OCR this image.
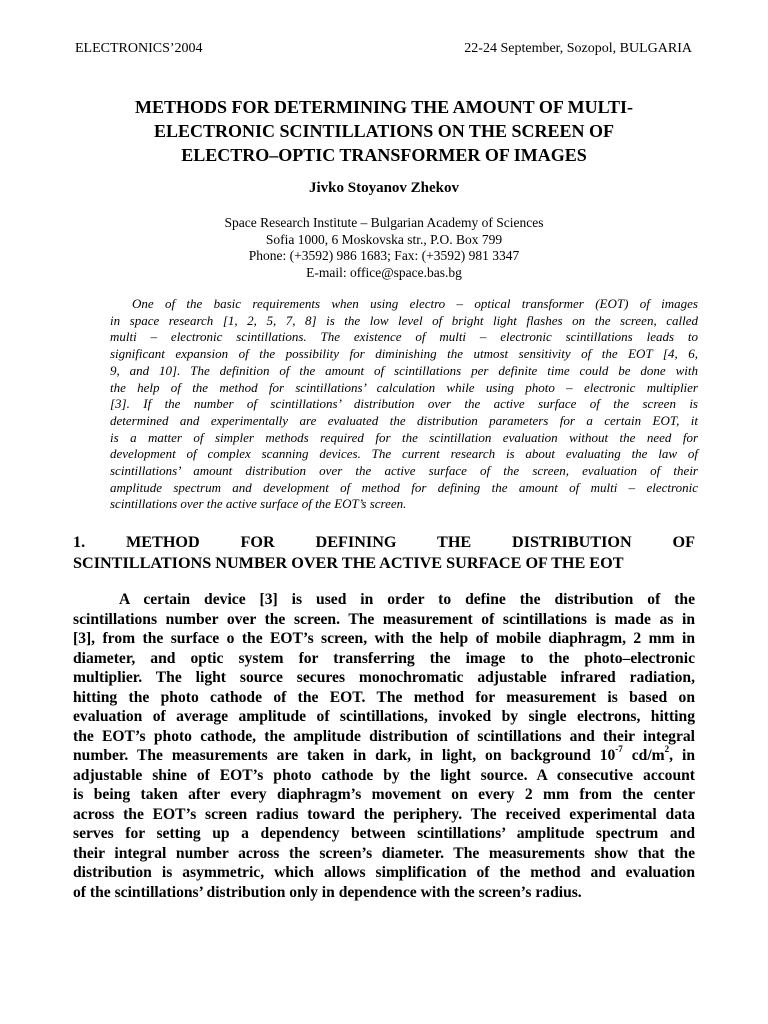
ELECTRONICS’2004	22-24 September, Sozopol, BULGARIA
METHODS FOR DETERMINING THE AMOUNT OF MULTI-
ELECTRONIC SCINTILLATIONS ON THE SCREEN OF
ELECTRO–OPTIC TRANSFORMER OF IMAGES
Jivko Stoyanov Zhekov
Space Research Institute – Bulgarian Academy of Sciences
Sofia 1000, 6 Moskovska str., P.O. Box 799
Phone: (+3592) 986 1683; Fax: (+3592) 981 3347
E-mail: office@space.bas.bg
One of the basic requirements when using electro – optical transformer (EOT) of images
in space research [1, 2, 5, 7, 8] is the low level of bright light flashes on the screen, called
multi – electronic scintillations. The existence of multi – electronic scintillations leads to
significant expansion of the possibility for diminishing the utmost sensitivity of the EOT [4, 6,
9, and 10]. The definition of the amount of scintillations per definite time could be done with
the help of the method for scintillations’ calculation while using photo – electronic multiplier
[3]. If the number of scintillations’ distribution over the active surface of the screen is
determined and experimentally are evaluated the distribution parameters for a certain EOT, it
is a matter of simpler methods required for the scintillation evaluation without the need for
development of complex scanning devices. The current research is about evaluating the law of
scintillations’ amount distribution over the active surface of the screen, evaluation of their
amplitude spectrum and development of method for defining the amount of multi – electronic
scintillations over the active surface of the EOT’s screen.
1. METHOD FOR DEFINING THE DISTRIBUTION OF
SCINTILLATIONS NUMBER OVER THE ACTIVE SURFACE OF THE EOT
A certain device [3] is used in order to define the distribution of the
scintillations number over the screen. The measurement of scintillations is made as in
[3], from the surface o the EOT’s screen, with the help of mobile diaphragm, 2 mm in
diameter, and optic system for transferring the image to the photo–electronic
multiplier. The light source secures monochromatic adjustable infrared radiation,
hitting the photo cathode of the EOT. The method for measurement is based on
evaluation of average amplitude of scintillations, invoked by single electrons, hitting
the EOT’s photo cathode, the amplitude distribution of scintillations and their integral
number. The measurements are taken in dark, in light, on background $10^{-7}$ $cd/m^2$, in
adjustable shine of EOT’s photo cathode by the light source. A consecutive account
is being taken after every diaphragm’s movement on every 2 mm from the center
across the EOT’s screen radius toward the periphery. The received experimental data
serves for setting up a dependency between scintillations’ amplitude spectrum and
their integral number across the screen’s diameter. The measurements show that the
distribution is asymmetric, which allows simplification of the method and evaluation
of the scintillations’ distribution only in dependence with the screen’s radius.
